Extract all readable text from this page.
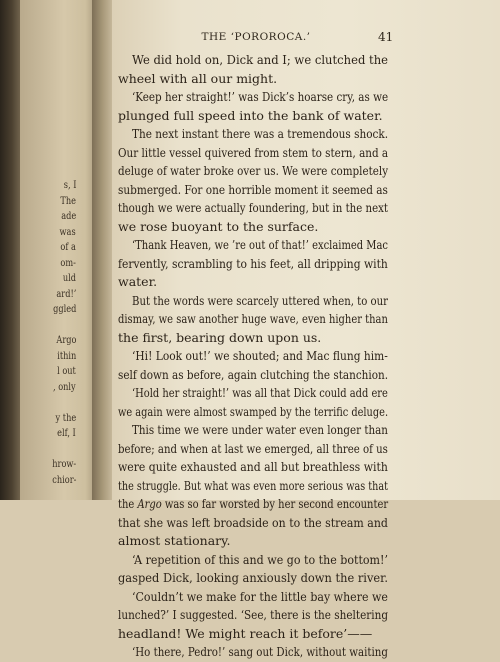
s, I
The
ade
was
of a
om-
uld
ard!’
ggled
Argo
ithin
l out
, only
y the
elf, I
hrow-
chior-
THE ‘POROROCA.’	41
We did hold on, Dick and I; we clutched the
wheel with all our might.
‘Keep her straight!’ was Dick’s hoarse cry, as we
plunged full speed into the bank of water.
The next instant there was a tremendous shock.
Our little vessel quivered from stem to stern, and a
deluge of water broke over us. We were completely
submerged. For one horrible moment it seemed as
though we were actually foundering, but in the next
we rose buoyant to the surface.
‘Thank Heaven, we ’re out of that!’ exclaimed Mac
fervently, scrambling to his feet, all dripping with
water.
But the words were scarcely uttered when, to our
dismay, we saw another huge wave, even higher than
the first, bearing down upon us.
‘Hi! Look out!’ we shouted; and Mac flung him-
self down as before, again clutching the stanchion.
‘Hold her straight!’ was all that Dick could add ere
we again were almost swamped by the terrific deluge.
This time we were under water even longer than
before; and when at last we emerged, all three of us
were quite exhausted and all but breathless with
the struggle. But what was even more serious was that
the Argo was so far worsted by her second encounter
that she was left broadside on to the stream and
almost stationary.
‘A repetition of this and we go to the bottom!’
gasped Dick, looking anxiously down the river.
‘Couldn’t we make for the little bay where we
lunched?’ I suggested. ‘See, there is the sheltering
headland! We might reach it before’——
‘Ho there, Pedro!’ sang out Dick, without waiting
